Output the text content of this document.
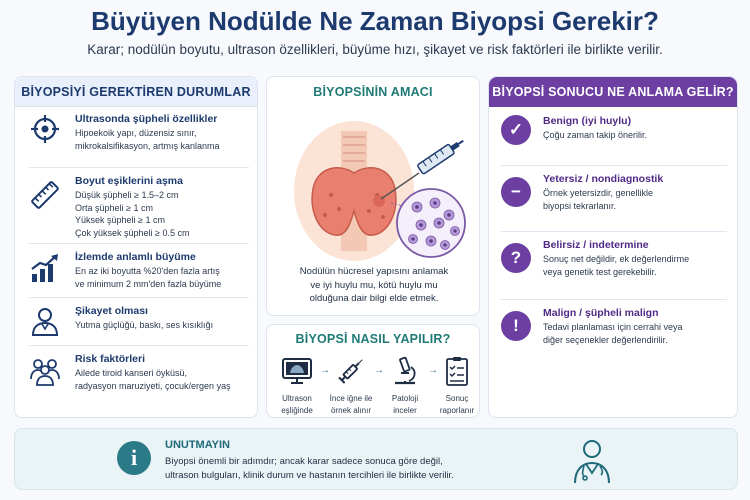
Büyüyen Nodülde Ne Zaman Biyopsi Gerekir?
Karar; nodülün boyutu, ultrason özellikleri, büyüme hızı, şikayet ve risk faktörleri ile birlikte verilir.
BİYOPSİYİ GEREKTİREN DURUMLAR
Ultrasonda şüpheli özellikler
Hipoekoik yapı, düzensiz sınır,
mikrokalsifikasyon, artmış kanlanma
Boyut eşiklerini aşma
Düşük şüpheli ≥ 1.5–2 cm
Orta şüpheli ≥ 1 cm
Yüksek şüpheli ≥ 1 cm
Çok yüksek şüpheli ≥ 0.5 cm
İzlemde anlamlı büyüme
En az iki boyutta %20'den fazla artış
ve minimum 2 mm'den fazla büyüme
Şikayet olması
Yutma güçlüğü, baskı, ses kısıklığı
Risk faktörleri
Ailede tiroid kanseri öyküsü,
radyasyon maruziyeti, çocuk/ergen yaş
BİYOPSİNİN AMACI
Nodülün hücresel yapısını anlamak
ve iyi huylu mu, kötü huylu mu
olduğuna dair bilgi elde etmek.
BİYOPSİ NASIL YAPILIR?
Ultrason
eşliğinde
→
İnce iğne ile
örnek alınır
→
Patoloji
inceler
→
Sonuç
raporlanır
BİYOPSİ SONUCU NE ANLAMA GELİR?
✓	Benign (iyi huylu)
Çoğu zaman takip önerilir.
−
Yetersiz / nondiagnostik
Örnek yetersizdir, genellikle
biyopsi tekrarlanır.
?
Belirsiz / indetermine
Sonuç net değildir, ek değerlendirme
veya genetik test gerekebilir.
!
Malign / şüpheli malign
Tedavi planlaması için cerrahi veya
diğer seçenekler değerlendirilir.
i	UNUTMAYIN
Biyopsi önemli bir adımdır; ancak karar sadece sonuca göre değil,
ultrason bulguları, klinik durum ve hastanın tercihleri ile birlikte verilir.
